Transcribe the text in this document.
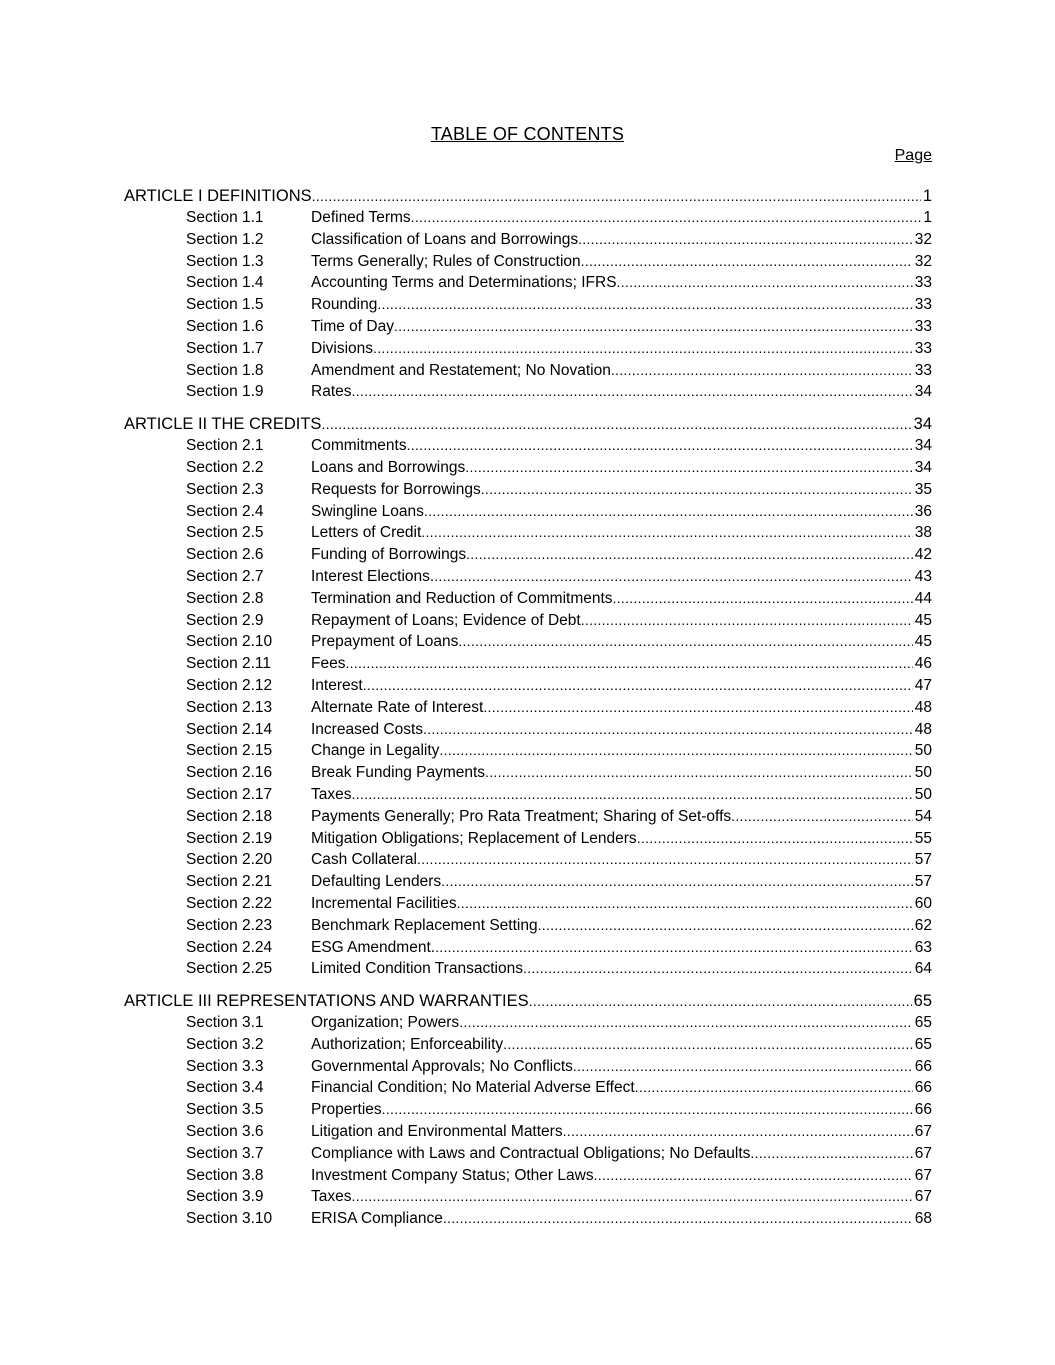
TABLE OF CONTENTS
Page
ARTICLE I DEFINITIONS .....	1
Section 1.1	Defined Terms .....	1
Section 1.2	Classification of Loans and Borrowings .....	32
Section 1.3	Terms Generally; Rules of Construction .....	32
Section 1.4	Accounting Terms and Determinations; IFRS .....	33
Section 1.5	Rounding .....	33
Section 1.6	Time of Day .....	33
Section 1.7	Divisions .....	33
Section 1.8	Amendment and Restatement; No Novation .....	33
Section 1.9	Rates .....	34
ARTICLE II THE CREDITS .....	34
Section 2.1	Commitments .....	34
Section 2.2	Loans and Borrowings .....	34
Section 2.3	Requests for Borrowings .....	35
Section 2.4	Swingline Loans .....	36
Section 2.5	Letters of Credit .....	38
Section 2.6	Funding of Borrowings .....	42
Section 2.7	Interest Elections. .....	43
Section 2.8	Termination and Reduction of Commitments .....	44
Section 2.9	Repayment of Loans; Evidence of Debt .....	45
Section 2.10	Prepayment of Loans .....	45
Section 2.11	Fees .....	46
Section 2.12	Interest .....	47
Section 2.13	Alternate Rate of Interest .....	48
Section 2.14	Increased Costs .....	48
Section 2.15	Change in Legality .....	50
Section 2.16	Break Funding Payments .....	50
Section 2.17	Taxes .....	50
Section 2.18	Payments Generally; Pro Rata Treatment; Sharing of Set-offs .....	54
Section 2.19	Mitigation Obligations; Replacement of Lenders .....	55
Section 2.20	Cash Collateral .....	57
Section 2.21	Defaulting Lenders .....	57
Section 2.22	Incremental Facilities .....	60
Section 2.23	Benchmark Replacement Setting .....	62
Section 2.24	ESG Amendment. .....	63
Section 2.25	Limited Condition Transactions .....	64
ARTICLE III REPRESENTATIONS AND WARRANTIES .....	65
Section 3.1	Organization; Powers .....	65
Section 3.2	Authorization; Enforceability .....	65
Section 3.3	Governmental Approvals; No Conflicts .....	66
Section 3.4	Financial Condition; No Material Adverse Effect .....	66
Section 3.5	Properties .....	66
Section 3.6	Litigation and Environmental Matters .....	67
Section 3.7	Compliance with Laws and Contractual Obligations; No Defaults .....	67
Section 3.8	Investment Company Status; Other Laws .....	67
Section 3.9	Taxes .....	67
Section 3.10	ERISA Compliance .....	68
